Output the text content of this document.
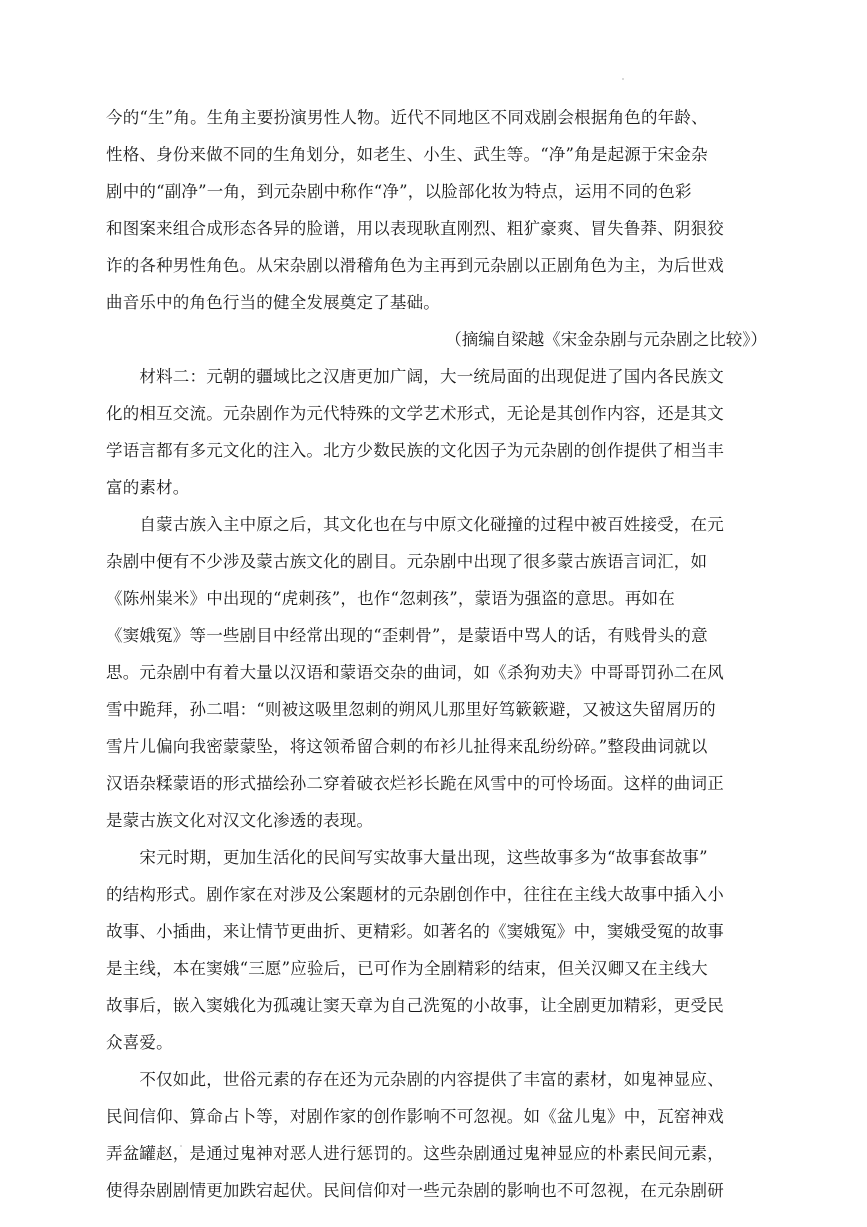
今的“生”角。生角主要扮演男性人物。近代不同地区不同戏剧会根据角色的年龄、
性格、身份来做不同的生角划分，如老生、小生、武生等。“净”角是起源于宋金杂
剧中的“副净”一角，到元杂剧中称作“净”，以脸部化妆为特点，运用不同的色彩
和图案来组合成形态各异的脸谱，用以表现耿直刚烈、粗犷豪爽、冒失鲁莽、阴狠狡
诈的各种男性角色。从宋杂剧以滑稽角色为主再到元杂剧以正剧角色为主，为后世戏
曲音乐中的角色行当的健全发展奠定了基础。
（摘编自梁越《宋金杂剧与元杂剧之比较》）
　　材料二：元朝的疆域比之汉唐更加广阔，大一统局面的出现促进了国内各民族文
化的相互交流。元杂剧作为元代特殊的文学艺术形式，无论是其创作内容，还是其文
学语言都有多元文化的注入。北方少数民族的文化因子为元杂剧的创作提供了相当丰
富的素材。
　　自蒙古族入主中原之后，其文化也在与中原文化碰撞的过程中被百姓接受，在元
杂剧中便有不少涉及蒙古族文化的剧目。元杂剧中出现了很多蒙古族语言词汇，如
《陈州粜米》中出现的“虎刺孩”，也作“忽刺孩”，蒙语为强盗的意思。再如在
《窦娥冤》等一些剧目中经常出现的“歪剌骨”，是蒙语中骂人的话，有贱骨头的意
思。元杂剧中有着大量以汉语和蒙语交杂的曲词，如《杀狗劝夫》中哥哥罚孙二在风
雪中跪拜，孙二唱：“则被这吸里忽刺的朔风儿那里好笃簌簌避，又被这失留屑历的
雪片儿偏向我密蒙蒙坠，将这领希留合刺的布衫儿扯得来乱纷纷碎。”整段曲词就以
汉语杂糅蒙语的形式描绘孙二穿着破衣烂衫长跪在风雪中的可怜场面。这样的曲词正
是蒙古族文化对汉文化渗透的表现。
　　宋元时期，更加生活化的民间写实故事大量出现，这些故事多为“故事套故事”
的结构形式。剧作家在对涉及公案题材的元杂剧创作中，往往在主线大故事中插入小
故事、小插曲，来让情节更曲折、更精彩。如著名的《窦娥冤》中，窦娥受冤的故事
是主线，本在窦娥“三愿”应验后，已可作为全剧精彩的结束，但关汉卿又在主线大
故事后，嵌入窦娥化为孤魂让窦天章为自己洗冤的小故事，让全剧更加精彩，更受民
众喜爱。
　　不仅如此，世俗元素的存在还为元杂剧的内容提供了丰富的素材，如鬼神显应、
民间信仰、算命占卜等，对剧作家的创作影响不可忽视。如《盆儿鬼》中，瓦窑神戏
弄盆罐赵，是通过鬼神对恶人进行惩罚的。这些杂剧通过鬼神显应的朴素民间元素，
使得杂剧剧情更加跌宕起伏。民间信仰对一些元杂剧的影响也不可忽视，在元杂剧研
